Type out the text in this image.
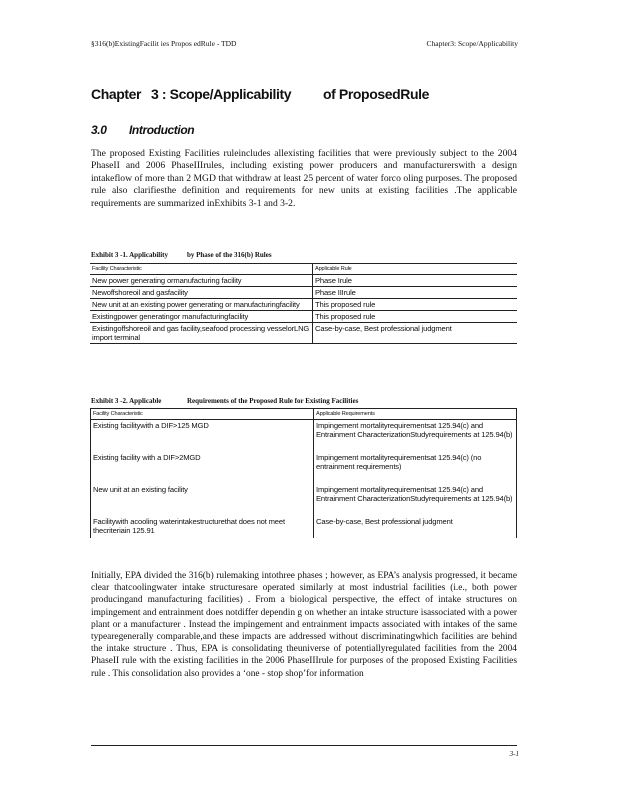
§316(b)ExistingFacilit ies Propos edRule - TDD	Chapter3: Scope/Applicability
Chapter 3 : Scope/Applicability	of ProposedRule
3.0	Introduction

The proposed Existing Facilities ruleincludes allexisting facilities that were previously subject to the 2004 PhaseII and 2006 PhaseIIIrules, including existing power producers and manufacturerswith a design intakeflow of more than 2 MGD that withdraw at least 25 percent of water forco oling purposes. The proposed rule also clarifiesthe definition and requirements for new units at existing facilities .The applicable requirements are summarized inExhibits 3-1 and 3-2.

Exhibit 3 -1. Applicability	by Phase of the 316(b) Rules
Facility Characteristic	Applicable Rule
New power generating ormanufacturing facility	Phase Irule
Newoffshoreoil and gasfacility	Phase IIIrule
New unit at an existing power generating or manufacturingfacility	This proposed rule
Existingpower generatingor manufacturingfacility	This proposed rule
Existingoffshoreoil and gas facility,seafood processing vesselorLNG import terminal	Case-by-case, Best professional judgment
Exhibit 3 -2. Applicable	Requirements of the Proposed Rule for Existing Facilities
Facility Characteristic	Applicable Requirements
Existing facilitywith a DIF>125 MGD	Impingement mortalityrequirementsat 125.94(c) and Entrainment CharacterizationStudyrequirements at 125.94(b)
Existing facility with a DIF>2MGD	Impingement mortalityrequirementsat 125.94(c) (no entrainment requirements)
New unit at an existing facility	Impingement mortalityrequirementsat 125.94(c) and Entrainment CharacterizationStudyrequirements at 125.94(b)
Facilitywith acooling waterintakestructurethat does not meet thecriteriain 125.91	Case-by-case, Best professional judgment

Initially, EPA divided the 316(b) rulemaking intothree phases ; however, as EPA’s analysis progressed, it became clear thatcoolingwater intake structuresare operated similarly at most industrial facilities (i.e., both power producingand manufacturing facilities) . From a biological perspective, the effect of intake structures on impingement and entrainment does notdiffer dependin g on whether an intake structure isassociated with a power plant or a manufacturer . Instead the impingement and entrainment impacts associated with intakes of the same typearegenerally comparable,and these impacts are addressed without discriminatingwhich facilities are behind the intake structure . Thus, EPA is consolidating theuniverse of potentiallyregulated facilities from the 2004 PhaseII rule with the existing facilities in the 2006 PhaseIIIrule for purposes of the proposed Existing Facilities rule . This consolidation also provides a ‘one - stop shop’for information

3-1
